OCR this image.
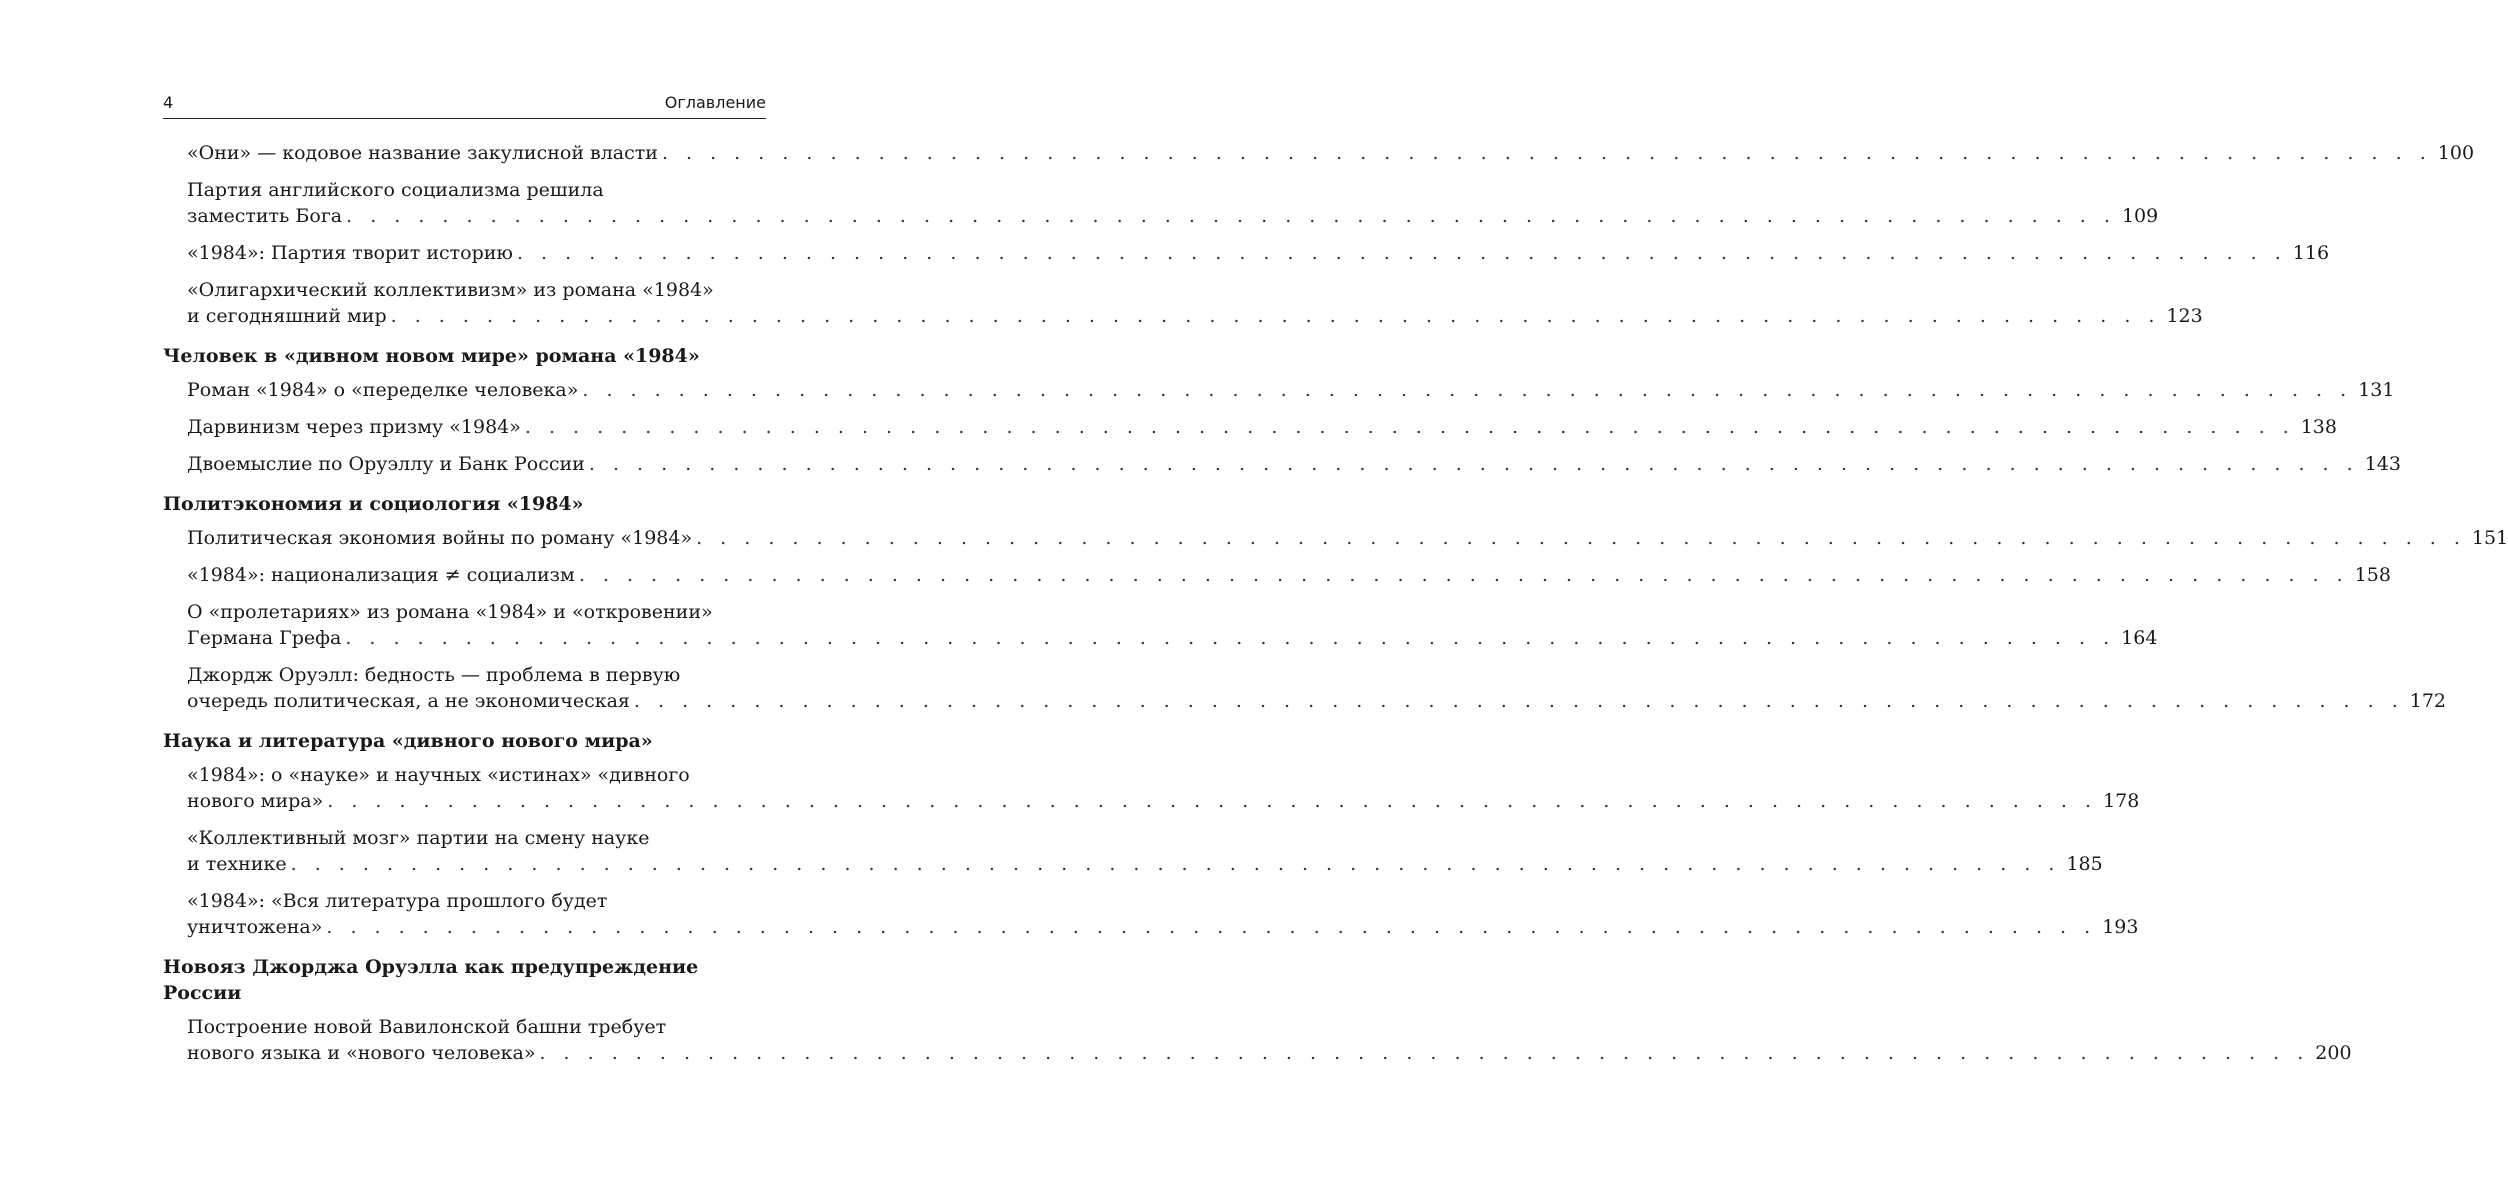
4	Оглавление
«Они» — кодовое название закулисной власти . . . . . . . . . . . . . . . . . . . . . . . . . . . . . . . . . . . . . . . . . . . . . . . . . . . . . . . . . . . . . . . . . . . . . . . . . . 100
Партия английского социализма решила
заместить Бога . . . . . . . . . . . . . . . . . . . . . . . . . . . . . . . . . . . . . . . . . . . . . . . . . . . . . . . . . . . . . . . . . . . . . . . . . . 109
«1984»: Партия творит историю . . . . . . . . . . . . . . . . . . . . . . . . . . . . . . . . . . . . . . . . . . . . . . . . . . . . . . . . . . . . . . . . . . . . . . . . . . 116
«Олигархический коллективизм» из романа «1984»
и сегодняшний мир . . . . . . . . . . . . . . . . . . . . . . . . . . . . . . . . . . . . . . . . . . . . . . . . . . . . . . . . . . . . . . . . . . . . . . . . . . 123
Человек в «дивном новом мире» романа «1984»
Роман «1984» о «переделке человека» . . . . . . . . . . . . . . . . . . . . . . . . . . . . . . . . . . . . . . . . . . . . . . . . . . . . . . . . . . . . . . . . . . . . . . . . . . 131
Дарвинизм через призму «1984» . . . . . . . . . . . . . . . . . . . . . . . . . . . . . . . . . . . . . . . . . . . . . . . . . . . . . . . . . . . . . . . . . . . . . . . . . . 138
Двоемыслие по Оруэллу и Банк России . . . . . . . . . . . . . . . . . . . . . . . . . . . . . . . . . . . . . . . . . . . . . . . . . . . . . . . . . . . . . . . . . . . . . . . . . . 143
Политэкономия и социология «1984»
Политическая экономия войны по роману «1984» . . . . . . . . . . . . . . . . . . . . . . . . . . . . . . . . . . . . . . . . . . . . . . . . . . . . . . . . . . . . . . . . . . . . . . . . . . 151
«1984»: национализация ≠ социализм . . . . . . . . . . . . . . . . . . . . . . . . . . . . . . . . . . . . . . . . . . . . . . . . . . . . . . . . . . . . . . . . . . . . . . . . . . 158
О «пролетариях» из романа «1984» и «откровении»
Германа Грефа . . . . . . . . . . . . . . . . . . . . . . . . . . . . . . . . . . . . . . . . . . . . . . . . . . . . . . . . . . . . . . . . . . . . . . . . . . 164
Джордж Оруэлл: бедность — проблема в первую
очередь политическая, а не экономическая . . . . . . . . . . . . . . . . . . . . . . . . . . . . . . . . . . . . . . . . . . . . . . . . . . . . . . . . . . . . . . . . . . . . . . . . . . 172
Наука и литература «дивного нового мира»
«1984»: о «науке» и научных «истинах» «дивного
нового мира» . . . . . . . . . . . . . . . . . . . . . . . . . . . . . . . . . . . . . . . . . . . . . . . . . . . . . . . . . . . . . . . . . . . . . . . . . . 178
«Коллективный мозг» партии на смену науке
и технике . . . . . . . . . . . . . . . . . . . . . . . . . . . . . . . . . . . . . . . . . . . . . . . . . . . . . . . . . . . . . . . . . . . . . . . . . . 185
«1984»: «Вся литература прошлого будет
уничтожена» . . . . . . . . . . . . . . . . . . . . . . . . . . . . . . . . . . . . . . . . . . . . . . . . . . . . . . . . . . . . . . . . . . . . . . . . . . 193
Новояз Джорджа Оруэлла как предупреждение России
Построение новой Вавилонской башни требует
нового языка и «нового человека» . . . . . . . . . . . . . . . . . . . . . . . . . . . . . . . . . . . . . . . . . . . . . . . . . . . . . . . . . . . . . . . . . . . . . . . . . . 200
